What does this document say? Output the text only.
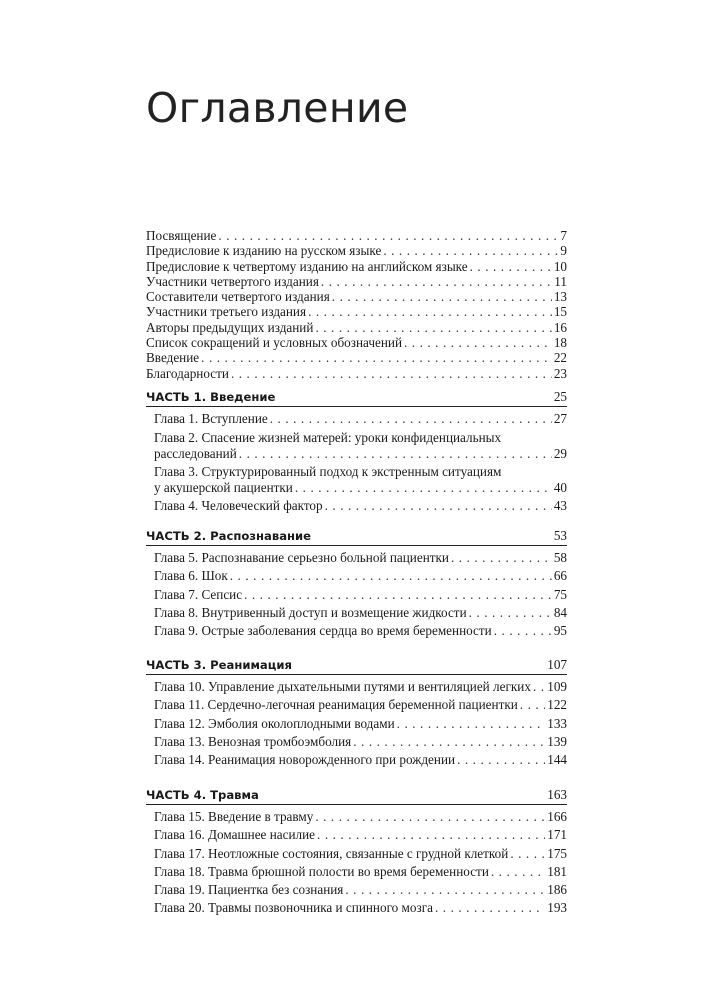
Оглавление
Посвящение . . .	7
Предисловие к изданию на русском языке . . .	9
Предисловие к четвертому изданию на английском языке . . .	10
Участники четвертого издания . . .	11
Составители четвертого издания . . .	13
Участники третьего издания . . .	15
Авторы предыдущих изданий . . .	16
Список сокращений и условных обозначений . . .	18
Введение . . .	22
Благодарности . . .	23
ЧАСТЬ 1. Введение	25
Глава 1. Вступление . . .	27
Глава 2. Спасение жизней матерей: уроки конфиденциальных
расследований . . .	29
Глава 3. Структурированный подход к экстренным ситуациям
у акушерской пациентки . . .	40
Глава 4. Человеческий фактор . . .	43
ЧАСТЬ 2. Распознавание	53
Глава 5. Распознавание серьезно больной пациентки . . .	58
Глава 6. Шок . . .	66
Глава 7. Сепсис . . .	75
Глава 8. Внутривенный доступ и возмещение жидкости . . .	84
Глава 9. Острые заболевания сердца во время беременности . . .	95
ЧАСТЬ 3. Реанимация	107
Глава 10. Управление дыхательными путями и вентиляцией легких . . . 109
Глава 11. Сердечно-легочная реанимация беременной пациентки . . . 122
Глава 12. Эмболия околоплодными водами . . .	133
Глава 13. Венозная тромбоэмболия . . .	139
Глава 14. Реанимация новорожденного при рождении . . .	144
ЧАСТЬ 4. Травма	163
Глава 15. Введение в травму . . .	166
Глава 16. Домашнее насилие . . .	171
Глава 17. Неотложные состояния, связанные с грудной клеткой . . .	175
Глава 18. Травма брюшной полости во время беременности . . .	181
Глава 19. Пациентка без сознания . . .	186
Глава 20. Травмы позвоночника и спинного мозга . . .	193
